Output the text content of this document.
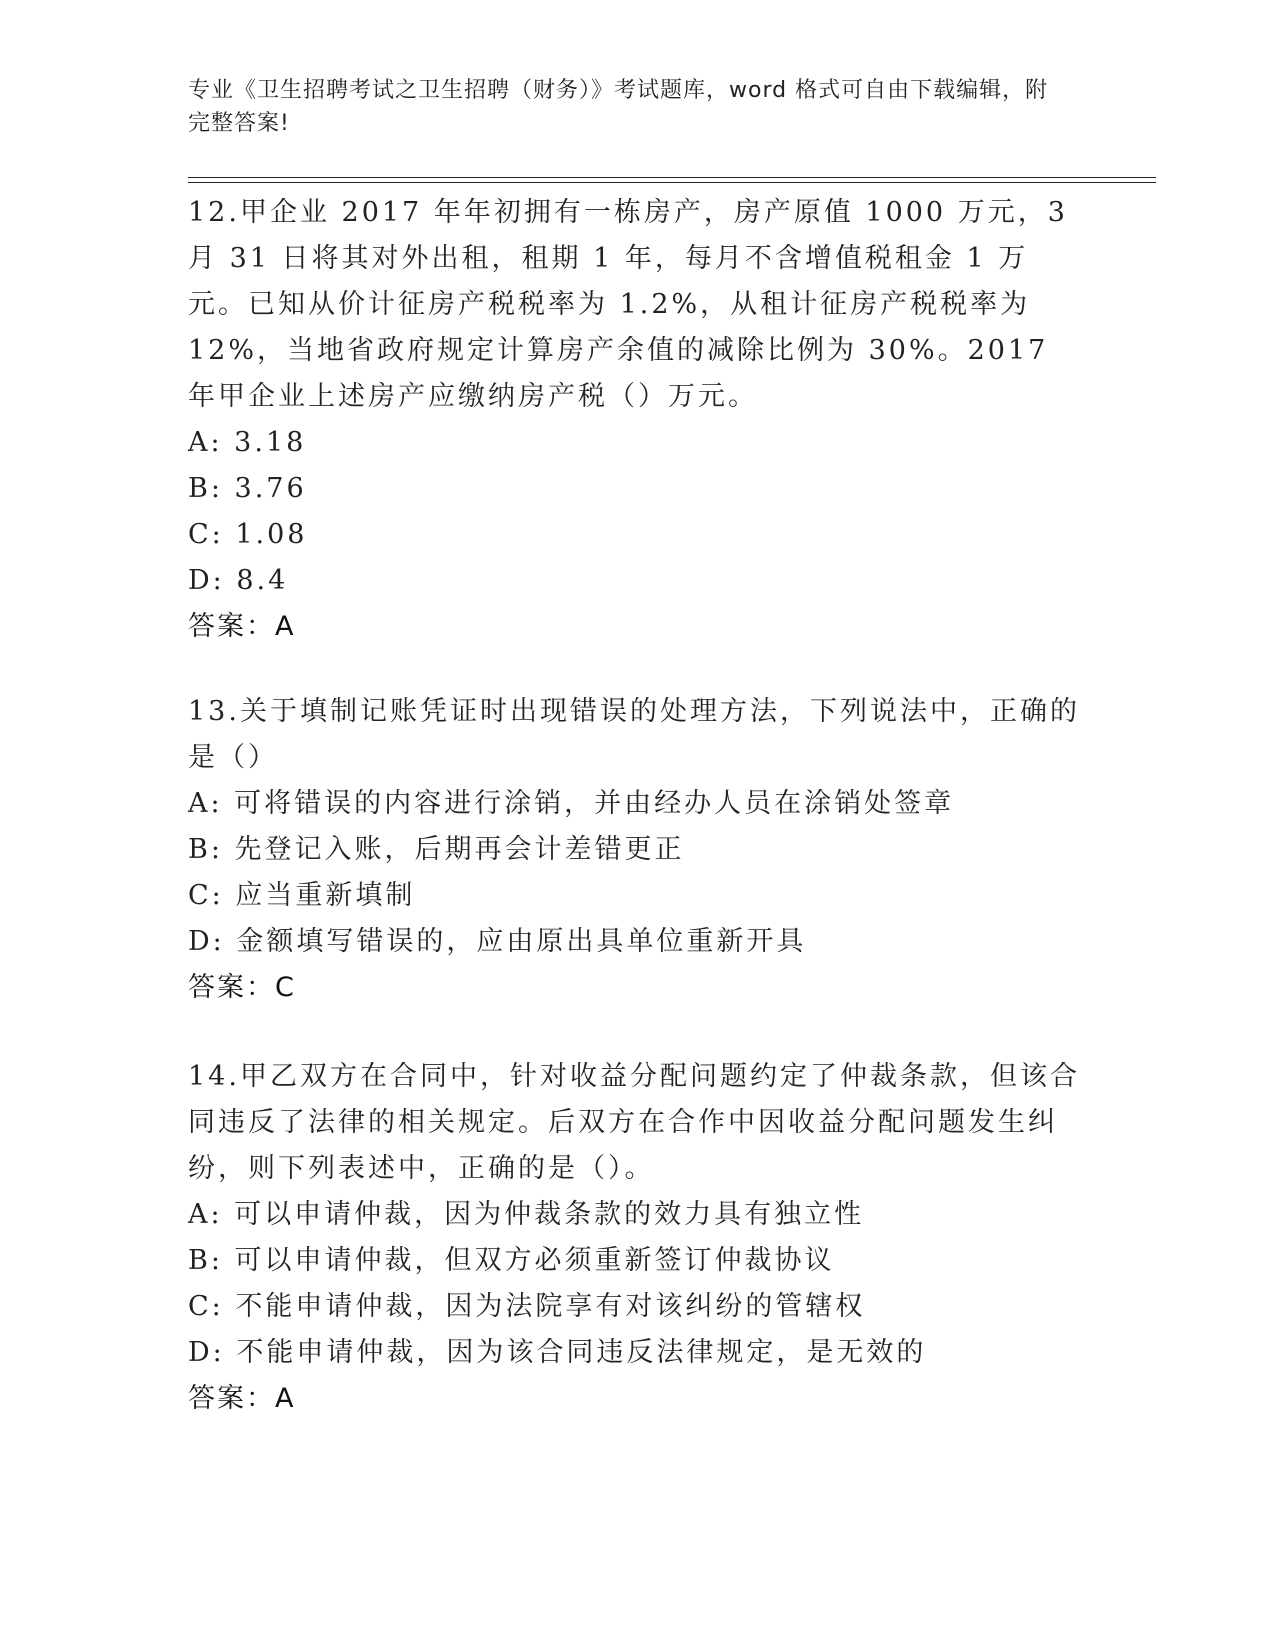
专业《卫生招聘考试之卫生招聘（财务）》考试题库，word 格式可自由下载编辑，附完整答案!
12.甲企业 2017 年年初拥有一栋房产，房产原值 1000 万元，3 月 31 日将其对外出租，租期 1 年，每月不含增值税租金 1 万元。已知从价计征房产税税率为 1.2%，从租计征房产税税率为 12%，当地省政府规定计算房产余值的减除比例为 30%。2017 年甲企业上述房产应缴纳房产税（）万元。
A: 3.18
B: 3.76
C: 1.08
D: 8.4
答案：A
13.关于填制记账凭证时出现错误的处理方法，下列说法中，正确的是（）
A: 可将错误的内容进行涂销，并由经办人员在涂销处签章
B: 先登记入账，后期再会计差错更正
C: 应当重新填制
D: 金额填写错误的，应由原出具单位重新开具
答案：C
14.甲乙双方在合同中，针对收益分配问题约定了仲裁条款，但该合同违反了法律的相关规定。后双方在合作中因收益分配问题发生纠纷，则下列表述中，正确的是（）。
A: 可以申请仲裁，因为仲裁条款的效力具有独立性
B: 可以申请仲裁，但双方必须重新签订仲裁协议
C: 不能申请仲裁，因为法院享有对该纠纷的管辖权
D: 不能申请仲裁，因为该合同违反法律规定，是无效的
答案：A
